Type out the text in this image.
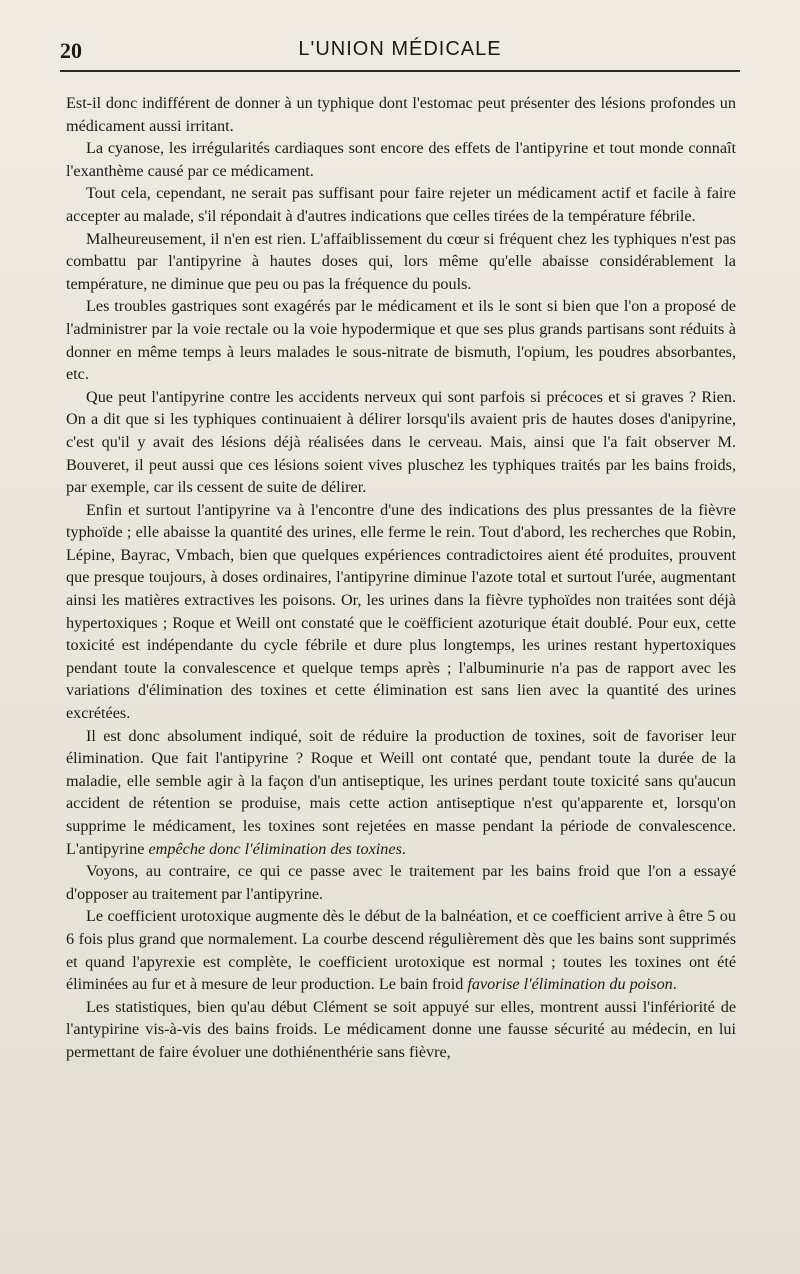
20	L'UNION MÉDICALE

Est-il donc indifférent de donner à un typhique dont l'estomac peut présenter des lésions profondes un médicament aussi irritant.

La cyanose, les irrégularités cardiaques sont encore des effets de l'antipyrine et tout monde connaît l'exanthème causé par ce médicament.

Tout cela, cependant, ne serait pas suffisant pour faire rejeter un médicament actif et facile à faire accepter au malade, s'il répondait à d'autres indications que celles tirées de la température fébrile.

Malheureusement, il n'en est rien. L'affaiblissement du cœur si fréquent chez les typhiques n'est pas combattu par l'antipyrine à hautes doses qui, lors même qu'elle abaisse considérablement la température, ne diminue que peu ou pas la fréquence du pouls.

Les troubles gastriques sont exagérés par le médicament et ils le sont si bien que l'on a proposé de l'administrer par la voie rectale ou la voie hypodermique et que ses plus grands partisans sont réduits à donner en même temps à leurs malades le sous-nitrate de bismuth, l'opium, les poudres absorbantes, etc.

Que peut l'antipyrine contre les accidents nerveux qui sont parfois si précoces et si graves ? Rien. On a dit que si les typhiques continuaient à délirer lorsqu'ils avaient pris de hautes doses d'anipyrine, c'est qu'il y avait des lésions déjà réalisées dans le cerveau. Mais, ainsi que l'a fait observer M. Bouveret, il peut aussi que ces lésions soient vives pluschez les typhiques traités par les bains froids, par exemple, car ils cessent de suite de délirer.

Enfin et surtout l'antipyrine va à l'encontre d'une des indications des plus pressantes de la fièvre typhoïde ; elle abaisse la quantité des urines, elle ferme le rein. Tout d'abord, les recherches que Robin, Lépine, Bayrac, Vmbach, bien que quelques expériences contradictoires aient été produites, prouvent que presque toujours, à doses ordinaires, l'antipyrine diminue l'azote total et surtout l'urée, augmentant ainsi les matières extractives les poisons. Or, les urines dans la fièvre typhoïdes non traitées sont déjà hypertoxiques ; Roque et Weill ont constaté que le coëfficient azoturique était doublé. Pour eux, cette toxicité est indépendante du cycle fébrile et dure plus longtemps, les urines restant hypertoxiques pendant toute la convalescence et quelque temps après ; l'albuminurie n'a pas de rapport avec les variations d'élimination des toxines et cette élimination est sans lien avec la quantité des urines excrétées.

Il est donc absolument indiqué, soit de réduire la production de toxines, soit de favoriser leur élimination. Que fait l'antipyrine ? Roque et Weill ont contaté que, pendant toute la durée de la maladie, elle semble agir à la façon d'un antiseptique, les urines perdant toute toxicité sans qu'aucun accident de rétention se produise, mais cette action antiseptique n'est qu'apparente et, lorsqu'on supprime le médicament, les toxines sont rejetées en masse pendant la période de convalescence. L'antipyrine empêche donc l'élimination des toxines.

Voyons, au contraire, ce qui ce passe avec le traitement par les bains froid que l'on a essayé d'opposer au traitement par l'antipyrine.

Le coefficient urotoxique augmente dès le début de la balnéation, et ce coefficient arrive à être 5 ou 6 fois plus grand que normalement. La courbe descend régulièrement dès que les bains sont supprimés et quand l'apyrexie est complète, le coefficient urotoxique est normal ; toutes les toxines ont été éliminées au fur et à mesure de leur production. Le bain froid favorise l'élimination du poison.

Les statistiques, bien qu'au début Clément se soit appuyé sur elles, montrent aussi l'infériorité de l'antypirine vis-à-vis des bains froids. Le médicament donne une fausse sécurité au médecin, en lui permettant de faire évoluer une dothiénenthérie sans fièvre,
